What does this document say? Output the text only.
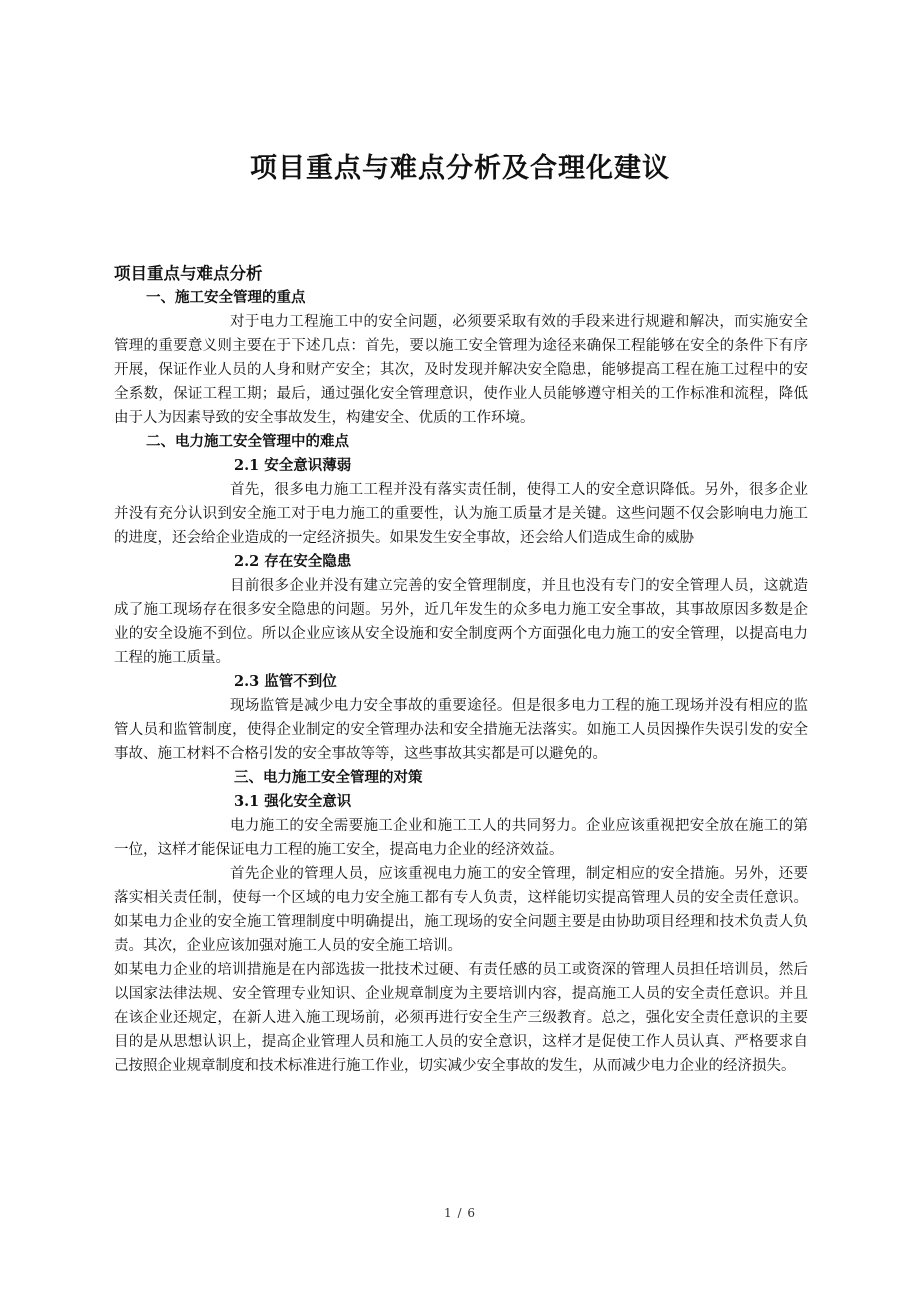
项目重点与难点分析及合理化建议
项目重点与难点分析
一、施工安全管理的重点

对于电力工程施工中的安全问题，必须要采取有效的手段来进行规避和解决，而实施安全管理的重要意义则主要在于下述几点：首先，要以施工安全管理为途径来确保工程能够在安全的条件下有序开展，保证作业人员的人身和财产安全；其次，及时发现并解决安全隐患，能够提高工程在施工过程中的安全系数，保证工程工期；最后，通过强化安全管理意识，使作业人员能够遵守相关的工作标准和流程，降低由于人为因素导致的安全事故发生，构建安全、优质的工作环境。

二、电力施工安全管理中的难点
2.1 安全意识薄弱

首先，很多电力施工工程并没有落实责任制，使得工人的安全意识降低。另外，很多企业并没有充分认识到安全施工对于电力施工的重要性，认为施工质量才是关键。这些问题不仅会影响电力施工的进度，还会给企业造成的一定经济损失。如果发生安全事故，还会给人们造成生命的威胁

2.2 存在安全隐患

目前很多企业并没有建立完善的安全管理制度，并且也没有专门的安全管理人员，这就造成了施工现场存在很多安全隐患的问题。另外，近几年发生的众多电力施工安全事故，其事故原因多数是企业的安全设施不到位。所以企业应该从安全设施和安全制度两个方面强化电力施工的安全管理，以提高电力工程的施工质量。

2.3 监管不到位

现场监管是减少电力安全事故的重要途径。但是很多电力工程的施工现场并没有相应的监管人员和监管制度，使得企业制定的安全管理办法和安全措施无法落实。如施工人员因操作失误引发的安全事故、施工材料不合格引发的安全事故等等，这些事故其实都是可以避免的。

三、电力施工安全管理的对策
3.1 强化安全意识

电力施工的安全需要施工企业和施工工人的共同努力。企业应该重视把安全放在施工的第一位，这样才能保证电力工程的施工安全，提高电力企业的经济效益。

首先企业的管理人员，应该重视电力施工的安全管理，制定相应的安全措施。另外，还要落实相关责任制，使每一个区域的电力安全施工都有专人负责，这样能切实提高管理人员的安全责任意识。如某电力企业的安全施工管理制度中明确提出，施工现场的安全问题主要是由协助项目经理和技术负责人负责。其次，企业应该加强对施工人员的安全施工培训。

如某电力企业的培训措施是在内部选拔一批技术过硬、有责任感的员工或资深的管理人员担任培训员，然后以国家法律法规、安全管理专业知识、企业规章制度为主要培训内容，提高施工人员的安全责任意识。并且在该企业还规定，在新人进入施工现场前，必须再进行安全生产三级教育。总之，强化安全责任意识的主要目的是从思想认识上，提高企业管理人员和施工人员的安全意识，这样才是促使工作人员认真、严格要求自己按照企业规章制度和技术标准进行施工作业，切实减少安全事故的发生，从而减少电力企业的经济损失。

1 / 6
